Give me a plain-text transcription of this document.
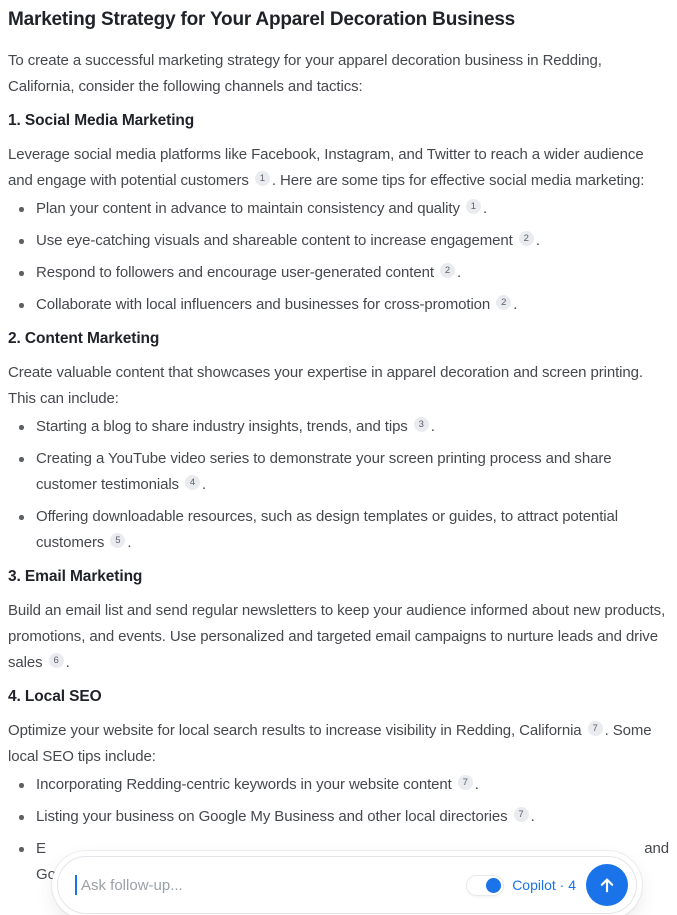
Marketing Strategy for Your Apparel Decoration Business

To create a successful marketing strategy for your apparel decoration business in Redding, California, consider the following channels and tactics:

1. Social Media Marketing

Leverage social media platforms like Facebook, Instagram, and Twitter to reach a wider audience and engage with potential customers 1 . Here are some tips for effective social media marketing:

Plan your content in advance to maintain consistency and quality 1 .
Use eye-catching visuals and shareable content to increase engagement 2 .
Respond to followers and encourage user-generated content 2 .
Collaborate with local influencers and businesses for cross-promotion 2 .
2. Content Marketing

Create valuable content that showcases your expertise in apparel decoration and screen printing. This can include:

Starting a blog to share industry insights, trends, and tips 3 .
Creating a YouTube video series to demonstrate your screen printing process and share customer testimonials 4 .
Offering downloadable resources, such as design templates or guides, to attract potential customers 5 .
3. Email Marketing

Build an email list and send regular newsletters to keep your audience informed about new products, promotions, and events. Use personalized and targeted email campaigns to nurture leads and drive sales 6 .

4. Local SEO

Optimize your website for local search results to increase visibility in Redding, California 7 . Some local SEO tips include:

Incorporating Redding-centric keywords in your website content 7 .
Listing your business on Google My Business and other local directories 7 .
E	and
Go
Ask follow-up...
Copilot · 4
